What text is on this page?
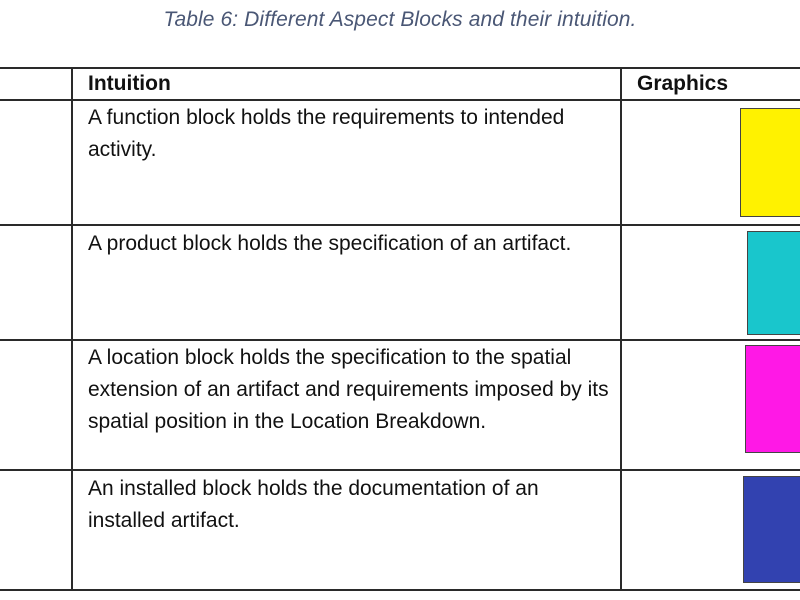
Table 6: Different Aspect Blocks and their intuition.
Intuition	Graphics
A function block holds the requirements to intended activity.
A product block holds the specification of an artifact.
A location block holds the specification to the spatial extension of an artifact and requirements imposed by its spatial position in the Location Breakdown.
An installed block holds the documentation of an installed artifact.
